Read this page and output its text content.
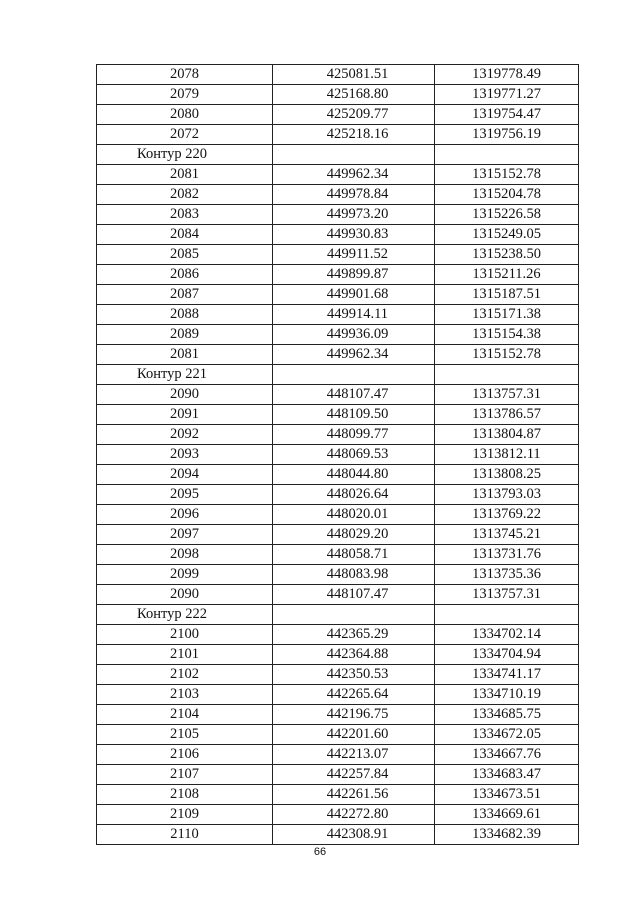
2078	425081.51	1319778.49
2079	425168.80	1319771.27
2080	425209.77	1319754.47
2072	425218.16	1319756.19
Контур 220		
2081	449962.34	1315152.78
2082	449978.84	1315204.78
2083	449973.20	1315226.58
2084	449930.83	1315249.05
2085	449911.52	1315238.50
2086	449899.87	1315211.26
2087	449901.68	1315187.51
2088	449914.11	1315171.38
2089	449936.09	1315154.38
2081	449962.34	1315152.78
Контур 221		
2090	448107.47	1313757.31
2091	448109.50	1313786.57
2092	448099.77	1313804.87
2093	448069.53	1313812.11
2094	448044.80	1313808.25
2095	448026.64	1313793.03
2096	448020.01	1313769.22
2097	448029.20	1313745.21
2098	448058.71	1313731.76
2099	448083.98	1313735.36
2090	448107.47	1313757.31
Контур 222		
2100	442365.29	1334702.14
2101	442364.88	1334704.94
2102	442350.53	1334741.17
2103	442265.64	1334710.19
2104	442196.75	1334685.75
2105	442201.60	1334672.05
2106	442213.07	1334667.76
2107	442257.84	1334683.47
2108	442261.56	1334673.51
2109	442272.80	1334669.61
2110	442308.91	1334682.39
66
